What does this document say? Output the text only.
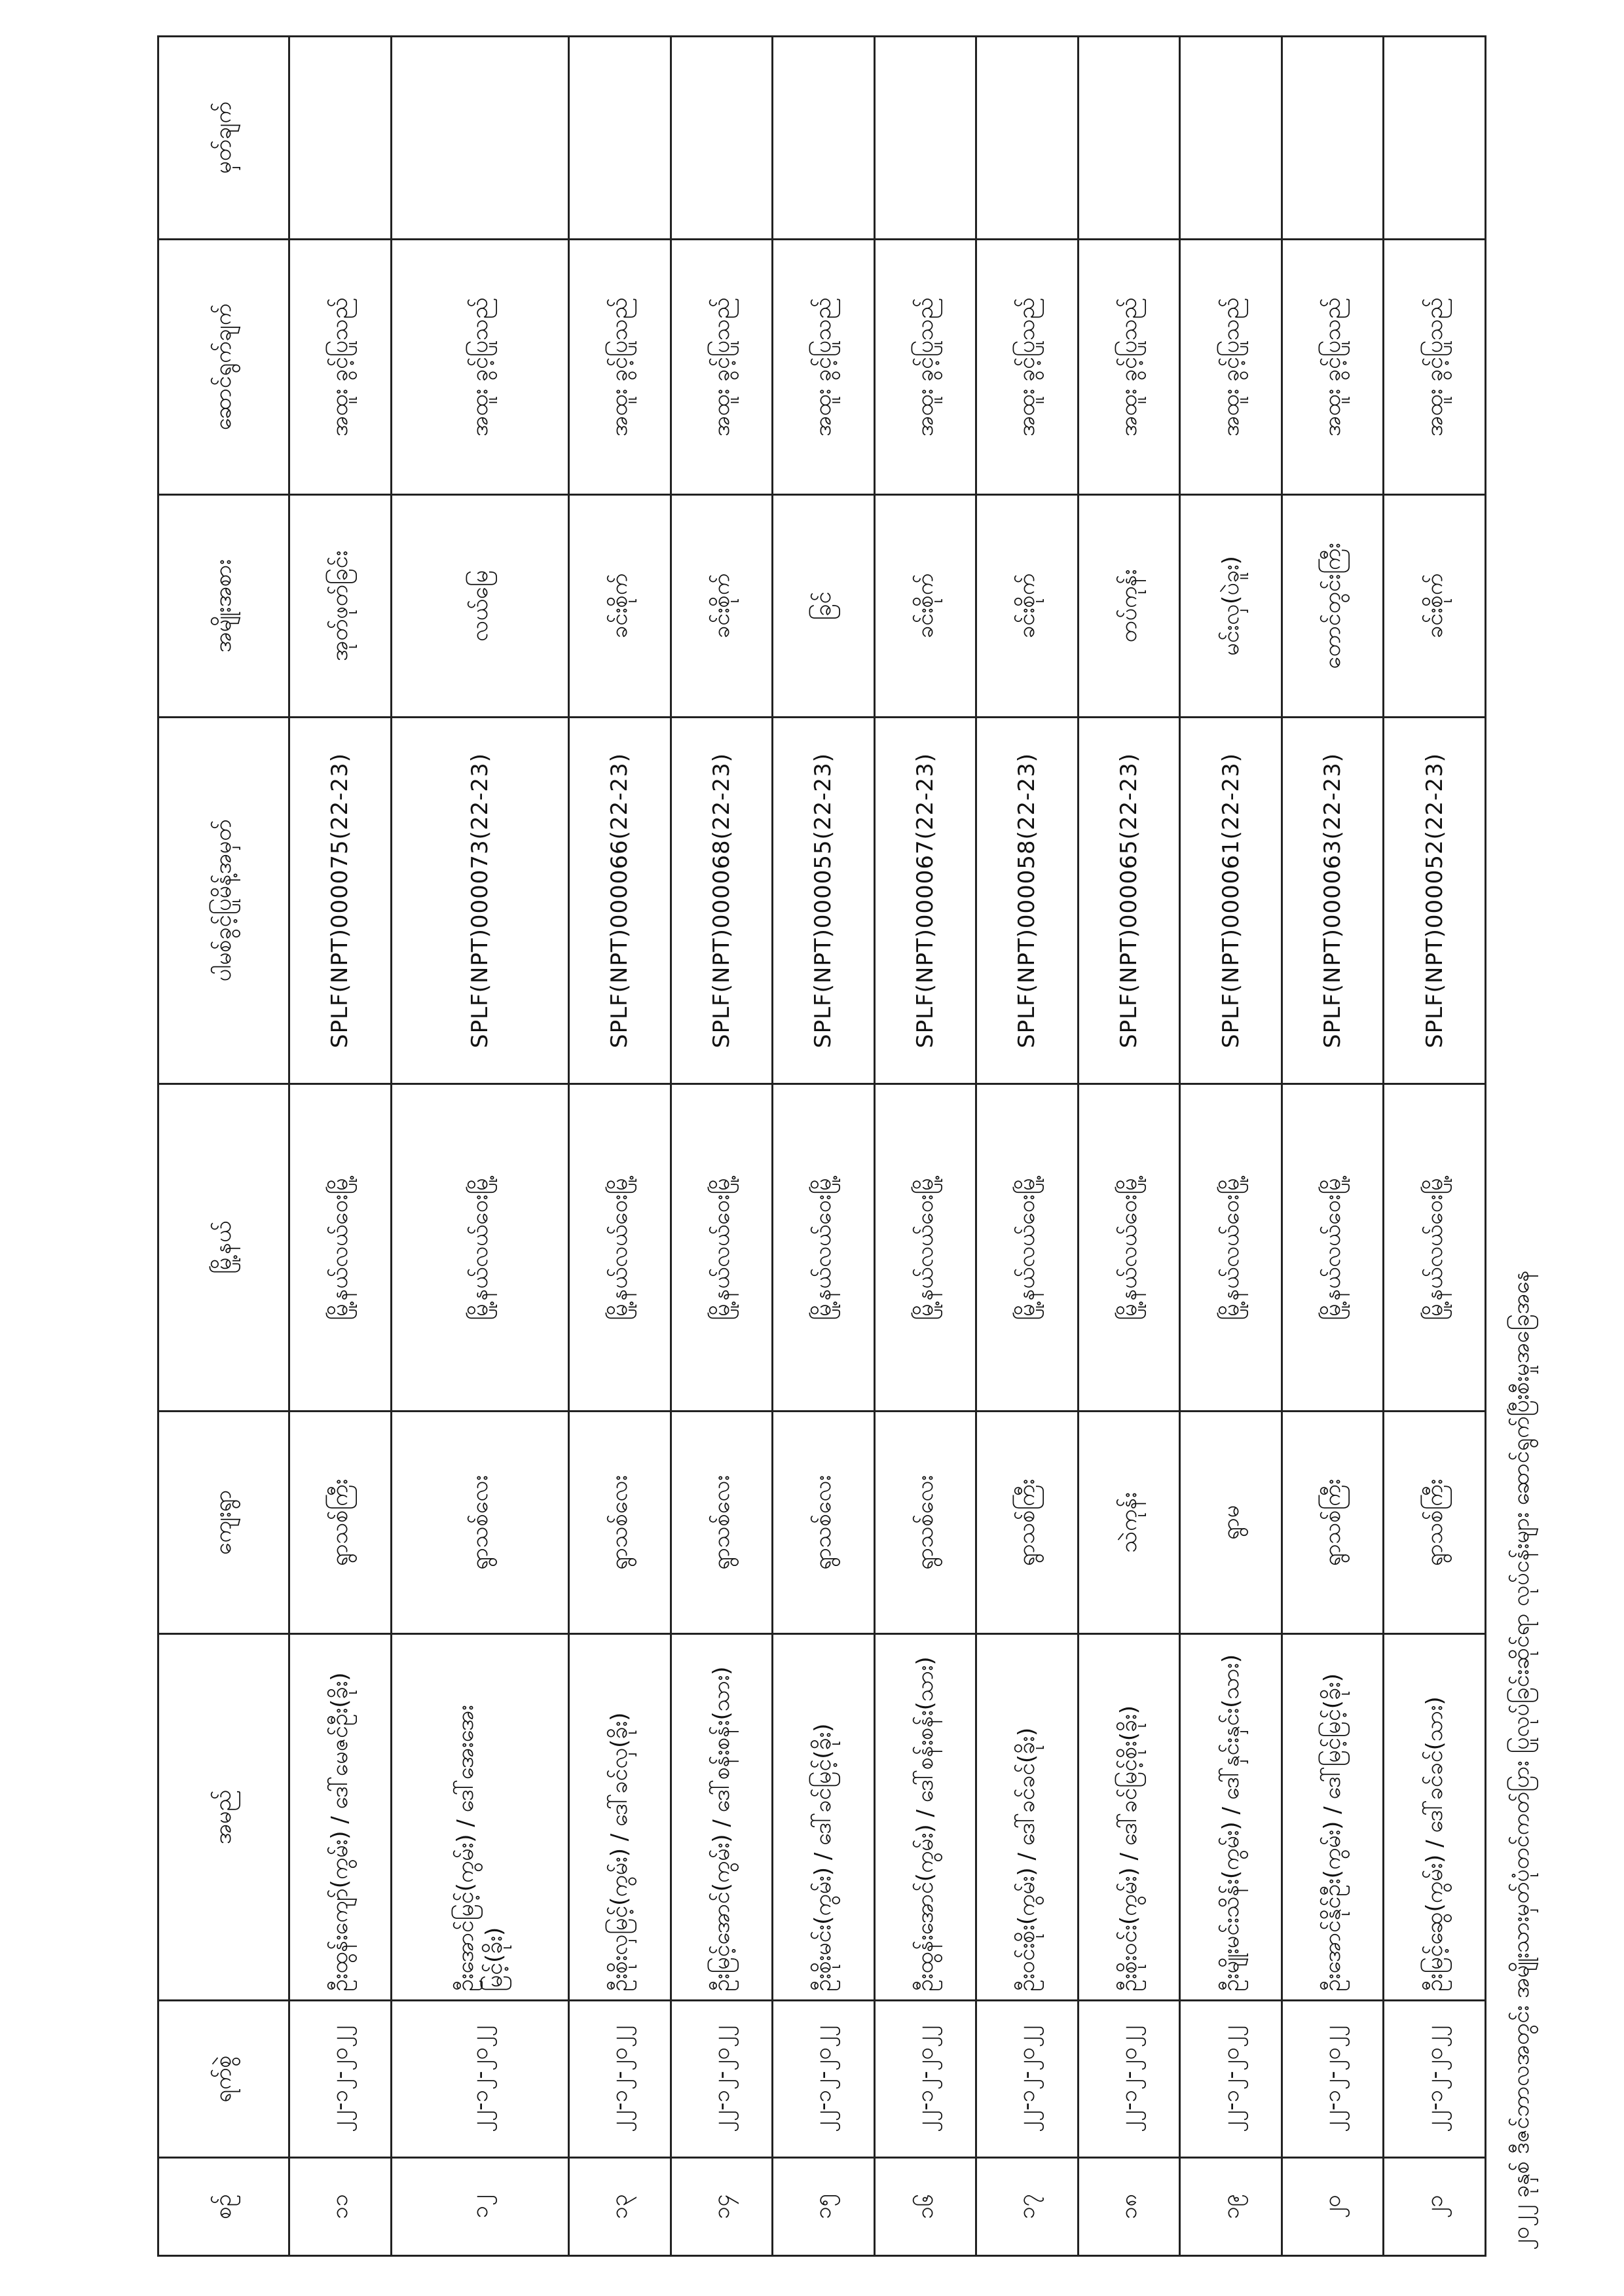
၂၀၂၂ ခုနှစ် ဒီဇင်ဘာလအတွင်း အမျိုးသားမှတ်ပုံတင်ကတ်ပြား ပြုလုပ်ခြင်းဆိုင်ရာ လုပ်ငန်းများ ဆောင်ရွက်ပြီးစီးမှုအခြေအနေ
စဉ်	ရက်စွဲ	အမည်	ကျေးရွာ	မြို့နယ်	ပါမစ်ခွင့်ပြုမိန့်အမှတ်	အမျိုးအစား	ဆောင်ရွက်ချက်	မှတ်ချက်
၁၁	၂၂-၁၂-၂၀၂၂	ဦးထွန်းကျော်(ကွမ်း) / ဒေါ်မေဇင်ဦး(ခိုး)	ရွာသစ်ကြီး	မြို့နယ်လယ်ဝေးမြို့	SPLF(NPT)000075(22-23)	အုတ်ဖုတ်ခြင်း	အထူး ခွင့်ပြုသည်	
၁၂	၂၂-၁၂-၂၀၂၂	ဦးအောင်မြင့်(ကွမ်း) / ဒေါ်အေးအေးမြင့်(ခိုး)	ရွာသစ်လေး	မြို့နယ်လယ်ဝေးမြို့	SPLF(NPT)000073(22-23)	လယ်မြေ	အထူး ခွင့်ပြုသည်	
၁၃	၂၂-၁၂-၂၀၂၂	ဦးစိုးလှမြင့်(ကွမ်း) / ဒေါ်ခင်လှ(ခိုး)	ရွာသစ်လေး	မြို့နယ်လယ်ဝေးမြို့	SPLF(NPT)000066(22-23)	ခင်းစိုက်	အထူး ခွင့်ပြုသည်	
၁၄	၂၂-၁၂-၂၀၂၂	ဦးမြင့်အောင်(ကွမ်း) / ဒေါ်စန်းစန်း(သား)	ရွာသစ်လေး	မြို့နယ်လယ်ဝေးမြို့	SPLF(NPT)000068(22-23)	ခင်းစိုက်	အထူး ခွင့်ပြုသည်	
၁၅	၂၂-၁၂-၂၀၂၂	ဦးစိုးမင်း(ကွမ်း) / ဒေါ်ခင်မြင့်(ခိုး)	ရွာသစ်လေး	မြို့နယ်လယ်ဝေးမြို့	SPLF(NPT)000055(22-23)	ခြင်	အထူး ခွင့်ပြုသည်	
၁၆	၂၂-၁၂-၂၀၂၂	ဦးထွန်းအောင်(ကွမ်း) / ဒေါ်စန်းစန်း(သား)	ရွာသစ်လေး	မြို့နယ်လယ်ဝေးမြို့	SPLF(NPT)000067(22-23)	ခင်းစိုက်	အထူး ခွင့်ပြုသည်	
၁၇	၂၂-၁၂-၂၀၂၂	ဦးဝင်းစိုး(ကွမ်း) / ဒေါ်ခင်ခင်(ခိုး)	ရွာသစ်ကြီး	မြို့နယ်လယ်ဝေးမြို့	SPLF(NPT)000058(22-23)	ခင်းစိုက်	အထူး ခွင့်ပြုသည်	
၁၈	၂၂-၁၂-၂၀၂၂	ဦးစိုးဝင်း(ကွမ်း) / ဒေါ်ခင်မြင့်စိုး(ခိုး)	သဲကုန်း	မြို့နယ်လယ်ဝေးမြို့	SPLF(NPT)000065(22-23)	တပ်ကုန်း	အထူး ခွင့်ပြုသည်	
၁၉	၂၂-၁၂-၂၀၂၂	ဦးမျိုးမင်းသိန်း(ကွမ်း) / ဒေါ်နှင်းနှင်း(သား)	ရွာမ	မြို့နယ်လယ်ဝေးမြို့	SPLF(NPT)000061(22-23)	မင်းလှ(ပဲခူး)	အထူး ခွင့်ပြုသည်	
၂၀	၂၂-၁၂-၂၀၂၂	ဦးအောင်နိုင်ဦး(ကွမ်း) / ဒေါ်မြင့်မြင့်(ခိုး)	ရွာသစ်ကြီး	မြို့နယ်လယ်ဝေးမြို့	SPLF(NPT)000063(22-23)	တောင်တွင်းကြီး	အထူး ခွင့်ပြုသည်	
၂၁	၂၂-၁၂-၂၀၂၂	ဦးမြင့်ဆွေ(ကွမ်း) / ဒေါ်ခင်ခင်(သား)	ရွာသစ်ကြီး	မြို့နယ်လယ်ဝေးမြို့	SPLF(NPT)000052(22-23)	ခင်းစိုက်	အထူး ခွင့်ပြုသည်	
